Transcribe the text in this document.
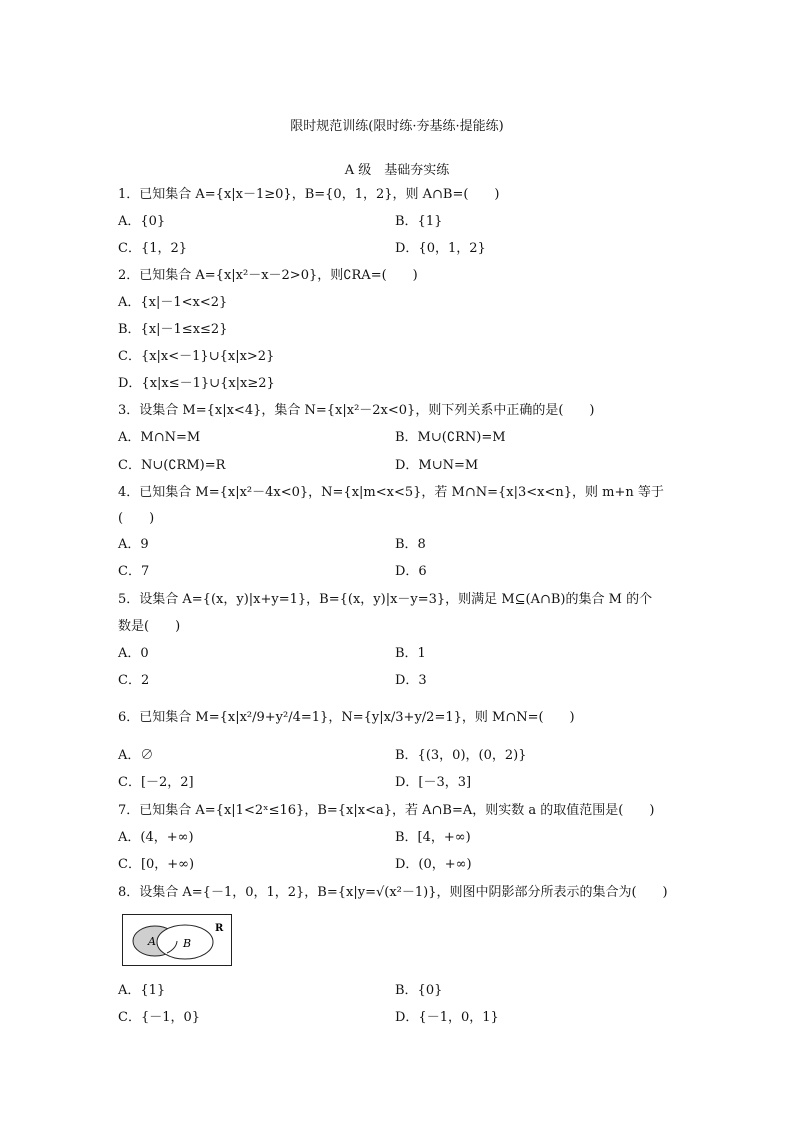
限时规范训练(限时练·夯基练·提能练)
A 级　基础夯实练
1．已知集合 A={x|x－1≥0}，B={0，1，2}，则 A∩B=(　　)
A．{0}	B．{1}
C．{1，2}	D．{0，1，2}
2．已知集合 A={x|x²－x－2>0}，则∁RA=(　　)
A．{x|－1<x<2}
B．{x|－1≤x≤2}
C．{x|x<－1}∪{x|x>2}
D．{x|x≤－1}∪{x|x≥2}
3．设集合 M={x|x<4}，集合 N={x|x²－2x<0}，则下列关系中正确的是(　　)
A．M∩N=M	B．M∪(∁RN)=M
C．N∪(∁RM)=R	D．M∪N=M
4．已知集合 M={x|x²－4x<0}，N={x|m<x<5}，若 M∩N={x|3<x<n}，则 m+n 等于
(　　)
A．9	B．8
C．7	D．6
5．设集合 A={(x，y)|x+y=1}，B={(x，y)|x－y=3}，则满足 M⊆(A∩B)的集合 M 的个
数是(　　)
A．0	B．1
C．2	D．3
6．已知集合 M={x|x²/9+y²/4=1}，N={y|x/3+y/2=1}，则 M∩N=(　　)
A．∅	B．{(3，0)，(0，2)}
C．[－2，2]	D．[－3，3]
7．已知集合 A={x|1<2ˣ≤16}，B={x|x<a}，若 A∩B=A，则实数 a 的取值范围是(　　)
A．(4，+∞)	B．[4，+∞)
C．[0，+∞)	D．(0，+∞)
8．设集合 A={－1，0，1，2}，B={x|y=√(x²－1)}，则图中阴影部分所表示的集合为(　　)
A B
R
A．{1}	B．{0}
C．{－1，0}	D．{－1，0，1}
